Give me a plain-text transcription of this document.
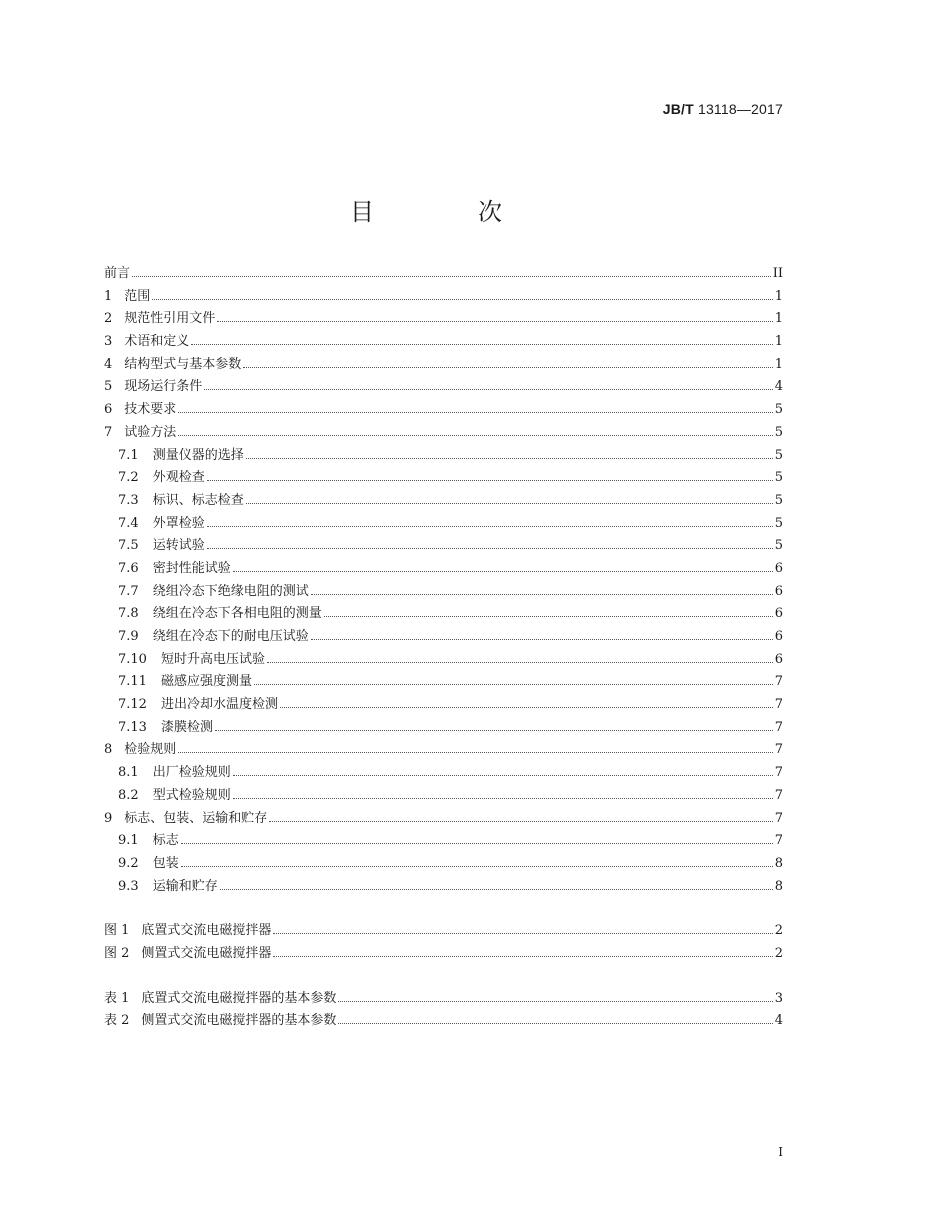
JB/T 13118—2017
目　次
前言	II
1 范围	1
2 规范性引用文件	1
3 术语和定义	1
4 结构型式与基本参数	1
5 现场运行条件	4
6 技术要求	5
7 试验方法	5
7.1 测量仪器的选择	5
7.2 外观检查	5
7.3 标识、标志检查	5
7.4 外罩检验	5
7.5 运转试验	5
7.6 密封性能试验	6
7.7 绕组冷态下绝缘电阻的测试	6
7.8 绕组在冷态下各相电阻的测量	6
7.9 绕组在冷态下的耐电压试验	6
7.10 短时升高电压试验	6
7.11 磁感应强度测量	7
7.12 进出冷却水温度检测	7
7.13 漆膜检测	7
8 检验规则	7
8.1 出厂检验规则	7
8.2 型式检验规则	7
9 标志、包装、运输和贮存	7
9.1 标志	7
9.2 包装	8
9.3 运输和贮存	8
图 1 底置式交流电磁搅拌器	2
图 2 侧置式交流电磁搅拌器	2
表 1 底置式交流电磁搅拌器的基本参数	3
表 2 侧置式交流电磁搅拌器的基本参数	4
I
